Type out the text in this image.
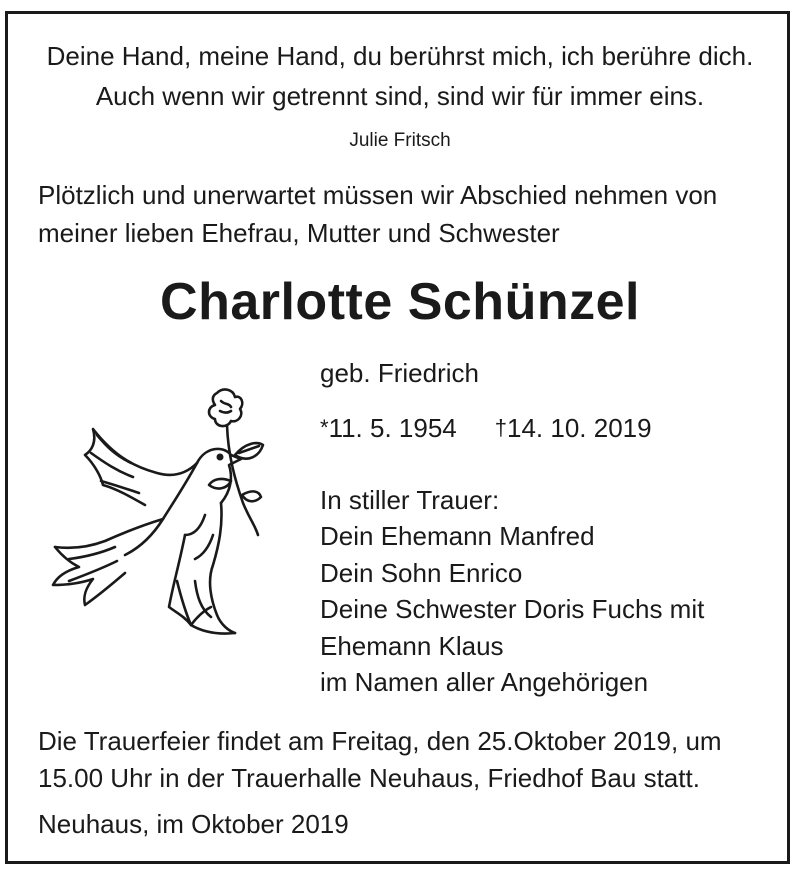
Deine Hand, meine Hand, du berührst mich, ich berühre dich.
Auch wenn wir getrennt sind, sind wir für immer eins.
Julie Fritsch
Plötzlich und unerwartet müssen wir Abschied nehmen von
meiner lieben Ehefrau, Mutter und Schwester
Charlotte Schünzel
geb. Friedrich
*11. 5. 1954 †14. 10. 2019
In stiller Trauer:
Dein Ehemann Manfred
Dein Sohn Enrico
Deine Schwester Doris Fuchs mit
Ehemann Klaus
im Namen aller Angehörigen
Die Trauerfeier findet am Freitag, den 25.Oktober 2019, um
15.00 Uhr in der Trauerhalle Neuhaus, Friedhof Bau statt.
Neuhaus, im Oktober 2019
